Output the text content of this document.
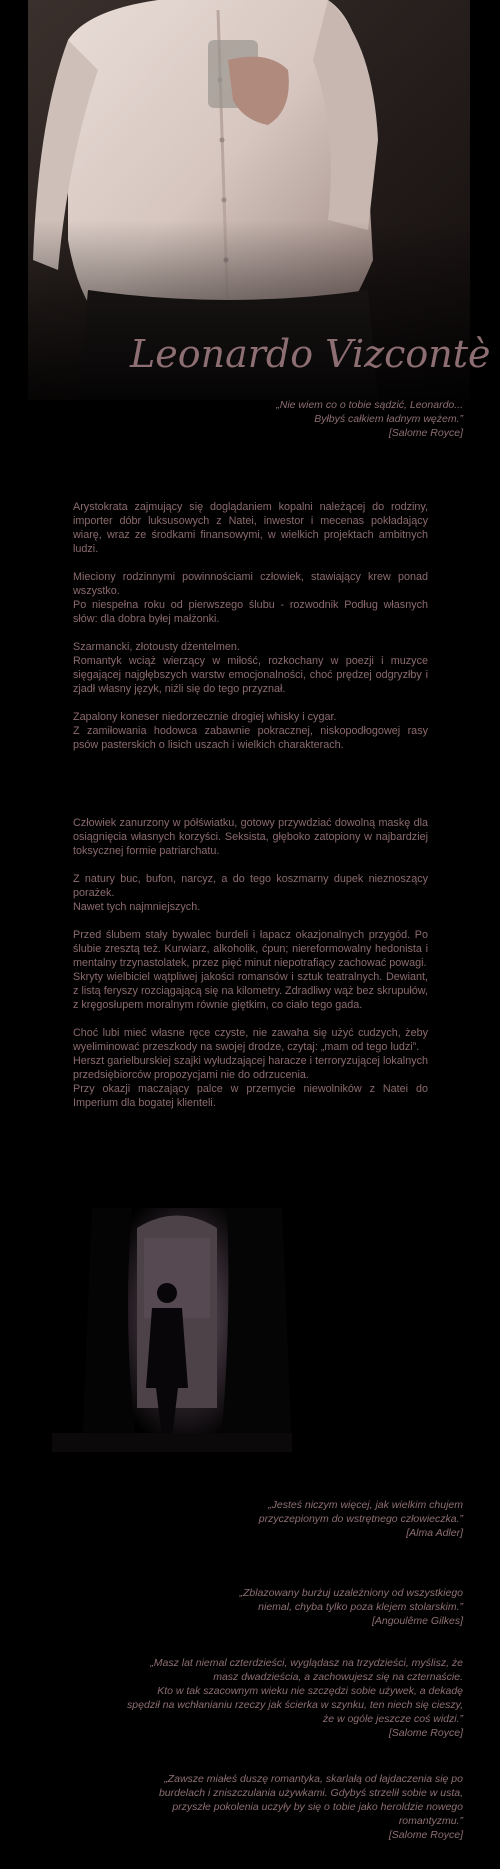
Leonardo Vizcontè
„Nie wiem co o tobie sądzić, Leonardo...
Byłbyś całkiem ładnym wężem.”
[Salome Royce]

Arystokrata zajmujący się doglądaniem kopalni należącej do rodziny, importer dóbr luksusowych z Natei, inwestor i mecenas pokładający wiarę, wraz ze środkami finansowymi, w wielkich projektach ambitnych ludzi.

Mieciony rodzinnymi powinnościami człowiek, stawiający krew ponad wszystko.
Po niespełna roku od pierwszego ślubu - rozwodnik Podług własnych słów: dla dobra byłej małżonki.

Szarmancki, złotousty dżentelmen.
Romantyk wciąż wierzący w miłość, rozkochany w poezji i muzyce sięgającej najgłębszych warstw emocjonalności, choć prędzej odgryzłby i zjadł własny język, niźli się do tego przyznał.

Zapalony koneser niedorzecznie drogiej whisky i cygar.
Z zamiłowania hodowca zabawnie pokracznej, niskopodłogowej rasy psów pasterskich o lisich uszach i wielkich charakterach.

Człowiek zanurzony w półświatku, gotowy przywdziać dowolną maskę dla osiągnięcia własnych korzyści. Seksista, głęboko zatopiony w najbardziej toksycznej formie patriarchatu.

Z natury buc, bufon, narcyz, a do tego koszmarny dupek nieznoszący porażek.
Nawet tych najmniejszych.

Przed ślubem stały bywalec burdeli i łapacz okazjonalnych przygód. Po ślubie zresztą też. Kurwiarz, alkoholik, ćpun; niereformowalny hedonista i mentalny trzynastolatek, przez pięć minut niepotrafiący zachować powagi.
Skryty wielbiciel wątpliwej jakości romansów i sztuk teatralnych. Dewiant, z listą feryszy rozciągającą się na kilometry. Zdradliwy wąż bez skrupułów, z kręgosłupem moralnym równie giętkim, co ciało tego gada.

Choć lubi mieć własne ręce czyste, nie zawaha się użyć cudzych, żeby wyeliminować przeszkody na swojej drodze, czytaj: „mam od tego ludzi”.
Herszt garielburskiej szajki wyłudzającej haracze i terroryzującej lokalnych przedsiębiorców propozycjami nie do odrzucenia.
Przy okazji maczający palce w przemycie niewolników z Natei do Imperium dla bogatej klienteli.

„Jesteś niczym więcej, jak wielkim chujem
przyczepionym do wstrętnego człowieczka.”
[Alma Adler]
„Zblazowany burżuj uzależniony od wszystkiego
niemal, chyba tylko poza klejem stolarskim.”
[Angoulême Gilkes]
„Masz lat niemal czterdzieści, wyglądasz na trzydzieści, myślisz, że
masz dwadzieścia, a zachowujesz się na czternaście.
Kto w tak szacownym wieku nie szczędzi sobie używek, a dekadę
spędził na wchłanianiu rzeczy jak ścierka w szynku, ten niech się cieszy,
że w ogóle jeszcze coś widzi.”
[Salome Royce]
„Zawsze miałeś duszę romantyka, skarlałą od łajdaczenia się po
burdelach i zniszczulania używkami. Gdybyś strzelił sobie w usta,
przyszłe pokolenia uczyły by się o tobie jako heroldzie nowego
romantyzmu.”
[Salome Royce]
